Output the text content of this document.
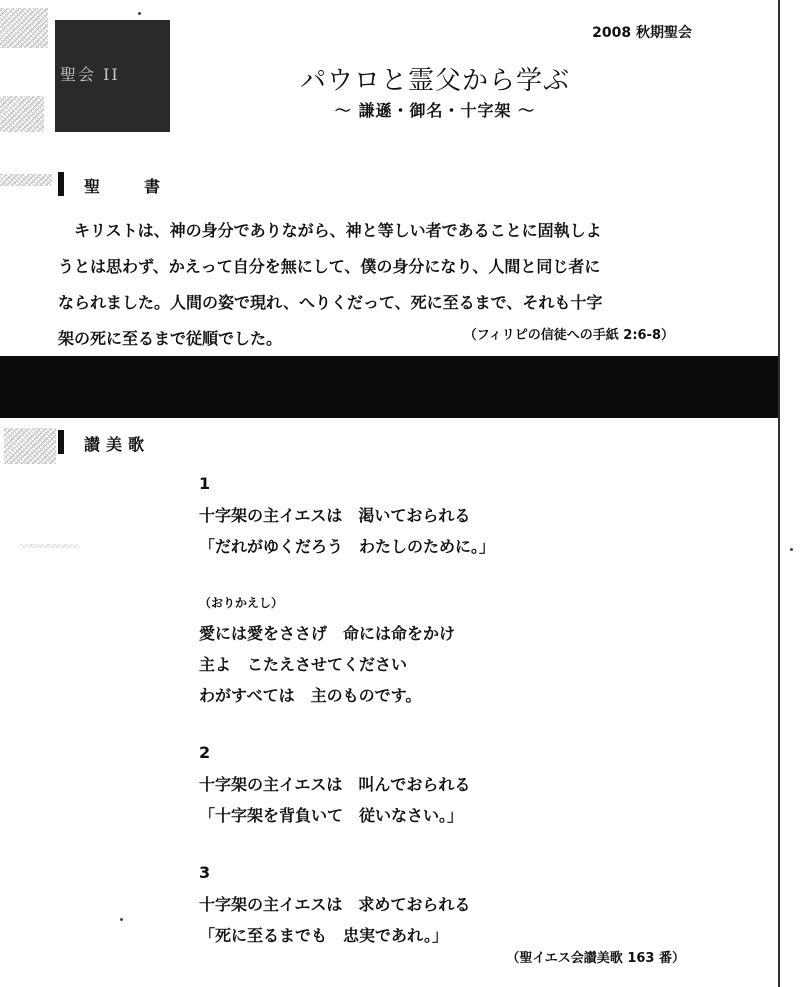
聖会 II
2008 秋期聖会
パウロと霊父から学ぶ
～ 謙遜・御名・十字架 ～
聖　書

キリストは、神の身分でありながら、神と等しい者であることに固執しよ

うとは思わず、かえって自分を無にして、僕の身分になり、人間と同じ者に

なられました。人間の姿で現れ、へりくだって、死に至るまで、それも十字

架の死に至るまで従順でした。	（フィリピの信徒への手紙 2:6-8）
讃美歌
1
十字架の主イエスは　渇いておられる
「だれがゆくだろう　わたしのために。」
（おりかえし）
愛には愛をささげ　命には命をかけ
主よ　こたえさせてください
わがすべては　主のものです。
2
十字架の主イエスは　叫んでおられる
「十字架を背負いて　従いなさい。」
3
十字架の主イエスは　求めておられる
「死に至るまでも　忠実であれ。」
（聖イエス会讃美歌 163 番）
